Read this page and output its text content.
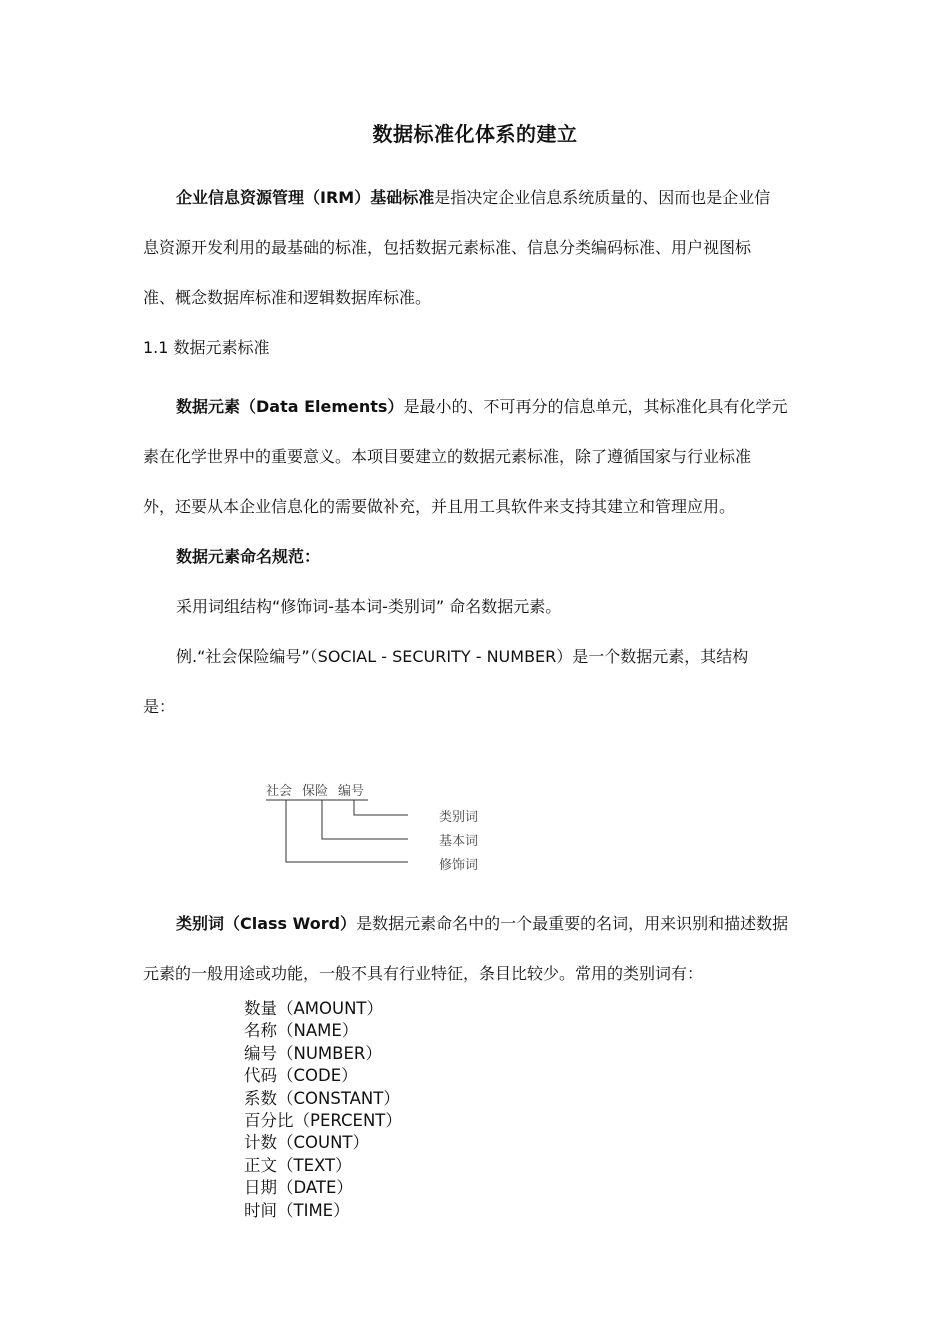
数据标准化体系的建立
企业信息资源管理（IRM）基础标准是指决定企业信息系统质量的、因而也是企业信
息资源开发利用的最基础的标准，包括数据元素标准、信息分类编码标准、用户视图标
准、概念数据库标准和逻辑数据库标准。
1.1 数据元素标准
数据元素（Data Elements）是最小的、不可再分的信息单元，其标准化具有化学元
素在化学世界中的重要意义。本项目要建立的数据元素标准，除了遵循国家与行业标准
外，还要从本企业信息化的需要做补充，并且用工具软件来支持其建立和管理应用。
数据元素命名规范：
采用词组结构“修饰词-基本词-类别词” 命名数据元素。
例.“社会保险编号”（SOCIAL - SECURITY - NUMBER）是一个数据元素，其结构
是：
社会 保险 编号
类别词
基本词
修饰词
类别词（Class Word）是数据元素命名中的一个最重要的名词，用来识别和描述数据
元素的一般用途或功能，一般不具有行业特征，条目比较少。常用的类别词有：
数量（AMOUNT）
名称（NAME）
编号（NUMBER）
代码（CODE）
系数（CONSTANT）
百分比（PERCENT）
计数（COUNT）
正文（TEXT）
日期（DATE）
时间（TIME）
